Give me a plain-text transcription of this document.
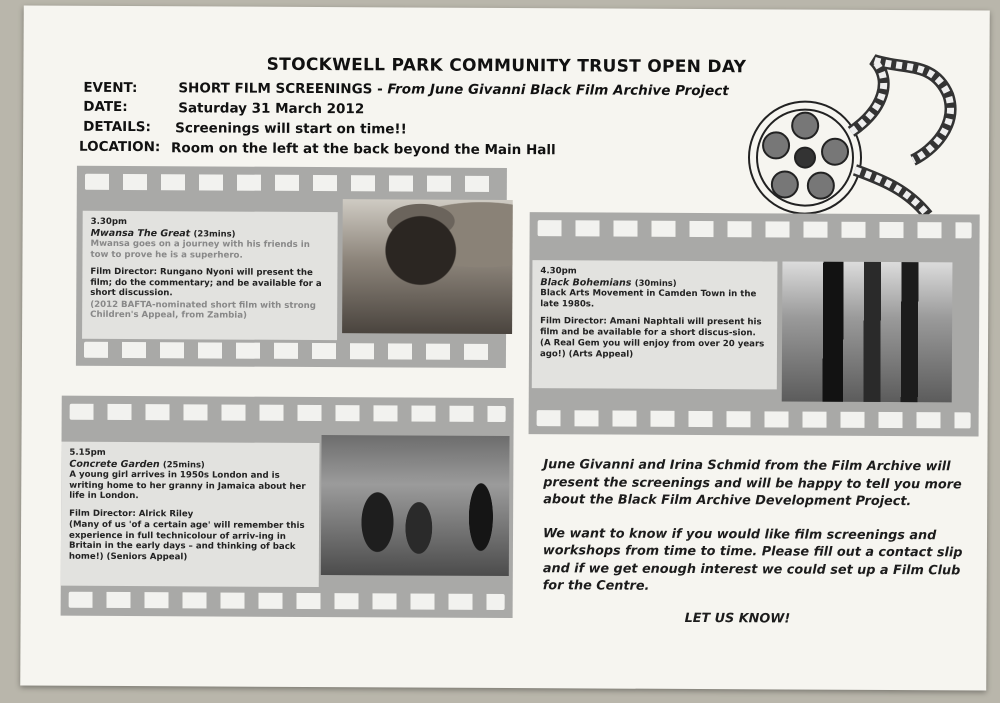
STOCKWELL PARK COMMUNITY TRUST OPEN DAY
EVENT:	SHORT FILM SCREENINGS - From June Givanni Black Film Archive Project
DATE:	Saturday 31 March 2012
DETAILS: Screenings will start on time!!
LOCATION: Room on the left at the back beyond the Main Hall
3.30pm
Mwansa The Great (23mins)

Mwansa goes on a journey with his friends in tow to prove he is a superhero.

Film Director: Rungano Nyoni will present the film; do the commentary; and be available for a short discussion.

(2012 BAFTA-nominated short film with strong Children's Appeal, from Zambia)

4.30pm
Black Bohemians (30mins)

Black Arts Movement in Camden Town in the late 1980s.

Film Director: Amani Naphtali will present his film and be available for a short discus-sion.

(A Real Gem you will enjoy from over 20 years ago!) (Arts Appeal)

5.15pm
Concrete Garden (25mins)

A young girl arrives in 1950s London and is writing home to her granny in Jamaica about her life in London.

Film Director: Alrick Riley

(Many of us 'of a certain age' will remember this experience in full technicolour of arriv-ing in Britain in the early days – and thinking of back home!) (Seniors Appeal)

June Givanni and Irina Schmid from the Film Archive will present the screenings and will be happy to tell you more about the Black Film Archive Development Project.

We want to know if you would like film screenings and workshops from time to time. Please fill out a contact slip and if we get enough interest we could set up a Film Club for the Centre.

LET US KNOW!
